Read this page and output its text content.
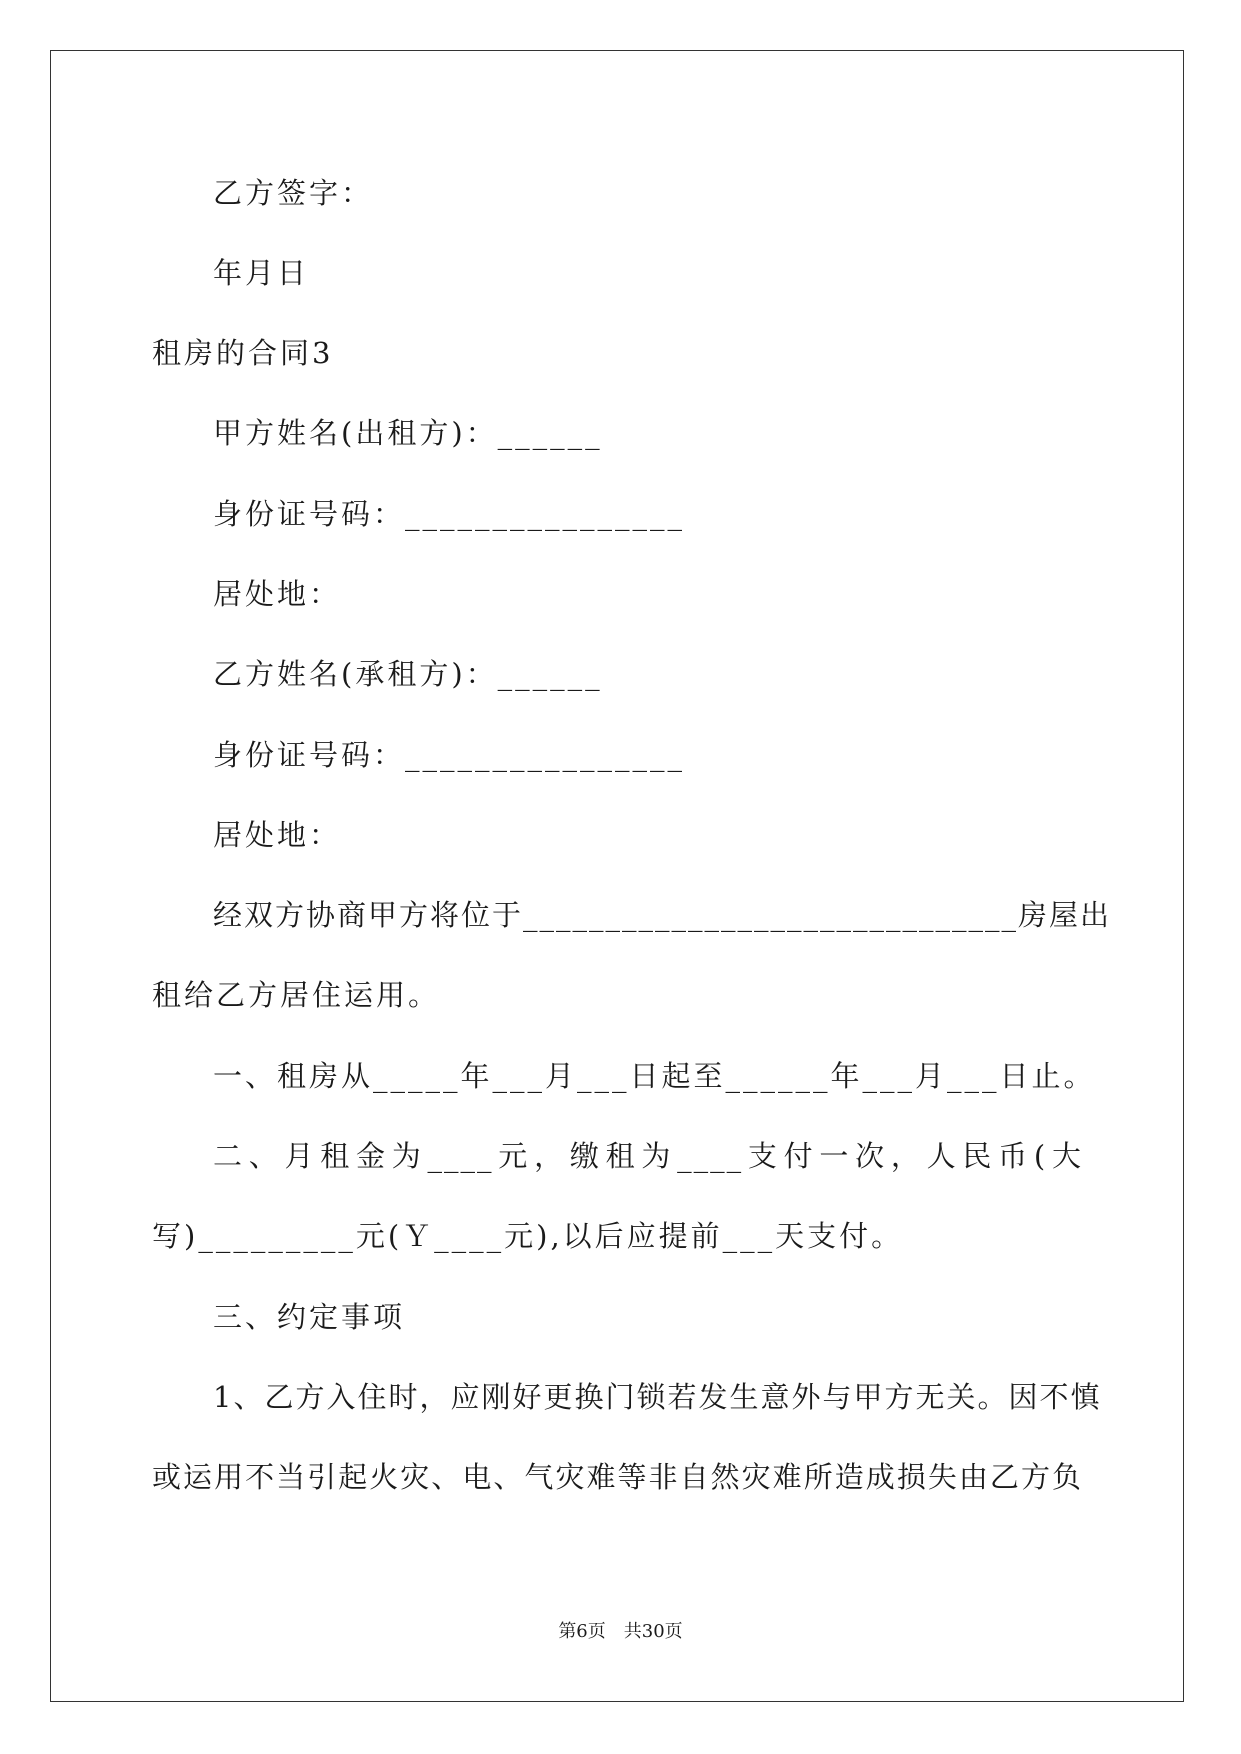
乙方签字：
年月日
租房的合同3
甲方姓名(出租方)：______
身份证号码：________________
居处地：
乙方姓名(承租方)：______
身份证号码：________________
居处地：
经双方协商甲方将位于______________________________房屋出
租给乙方居住运用。
一、租房从_____年___月___日起至______年___月___日止。
二、月租金为____元，缴租为____支付一次，人民币(大
写)_________元(Ｙ____元),以后应提前___天支付。
三、约定事项
1、乙方入住时，应刚好更换门锁若发生意外与甲方无关。因不慎
或运用不当引起火灾、电、气灾难等非自然灾难所造成损失由乙方负
第6页　共30页
